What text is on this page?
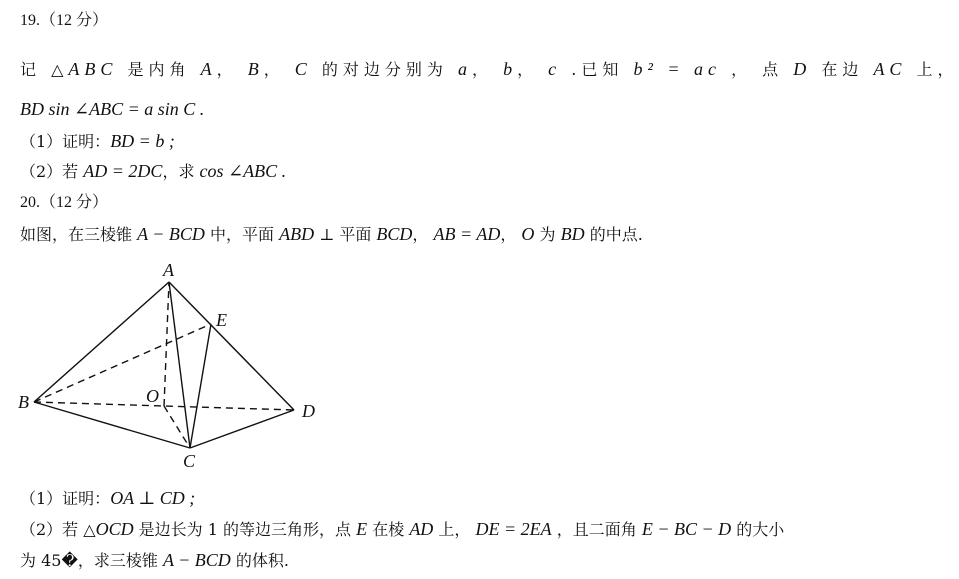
19.（12 分）
记 △ABC 是内角 A， B， C 的对边分别为 a， b， c .已知 b² = ac ， 点 D 在边 AC 上，
BD sin ∠ABC = a sin C .
（1）证明：BD = b ;
（2）若 AD = 2DC，求 cos ∠ABC .
20.（12 分）
如图，在三棱锥 A − BCD 中，平面 ABD ⊥ 平面 BCD， AB = AD， O 为 BD 的中点.
A
E
B	O
D
C
（1）证明：OA ⊥ CD ;
（2）若 △OCD 是边长为 1 的等边三角形，点 E 在棱 AD 上， DE = 2EA ，且二面角 E − BC − D 的大小
为 45�，求三棱锥 A − BCD 的体积.
